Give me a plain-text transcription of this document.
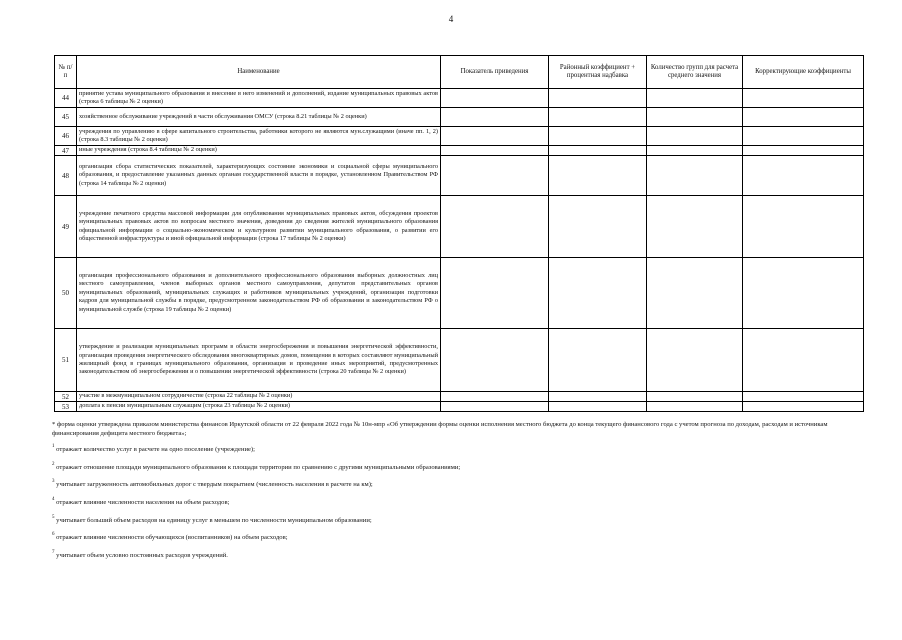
4
№ п/п	Наименование	Показатель приведения	Районный коэффициент + процентная надбавка	Количество групп для расчета среднего значения	Корректирующие коэффициенты
44	принятие устава муниципального образования и внесение в него изменений и дополнений, издание муниципальных правовых актов (строка 6 таблицы № 2 оценки)				
45	хозяйственное обслуживание учреждений в части обслуживания ОМСУ (строка 8.21 таблицы № 2 оценки)				
46	учреждения по управлению в сфере капитального строительства, работники которого не являются мун.служащими (иначе пп. 1, 2) (строка 8.3 таблицы № 2 оценки)				
47	иные учреждения (строка 8.4 таблицы № 2 оценки)				
48	организация сбора статистических показателей, характеризующих состояние экономики и социальной сферы муниципального образования, и предоставление указанных данных органам государственной власти в порядке, установленном Правительством РФ (строка 14 таблицы № 2 оценки)				
49	учреждение печатного средства массовой информации для опубликования муниципальных правовых актов, обсуждения проектов муниципальных правовых актов по вопросам местного значения, доведения до сведения жителей муниципального образования официальной информации о социально-экономическом и культурном развитии муниципального образования, о развитии его общественной инфраструктуры и иной официальной информации (строка 17 таблицы № 2 оценки)				
50	организация профессионального образования и дополнительного профессионального образования выборных должностных лиц местного самоуправления, членов выборных органов местного самоуправления, депутатов представительных органов муниципальных образований, муниципальных служащих и работников муниципальных учреждений, организация подготовки кадров для муниципальной службы в порядке, предусмотренном законодательством РФ об образовании и законодательством РФ о муниципальной службе (строка 19 таблицы № 2 оценки)				
51	утверждение и реализация муниципальных программ в области энергосбережения и повышения энергетической эффективности, организация проведения энергетического обследования многоквартирных домов, помещения в которых составляют муниципальный жилищный фонд в границах муниципального образования, организация и проведение иных мероприятий, предусмотренных законодательством об энергосбережении и о повышении энергетической эффективности (строка 20 таблицы № 2 оценки)				
52	участие в межмуниципальном сотрудничестве (строка 22 таблицы № 2 оценки)				
53	доплата к пенсии муниципальным служащим (строка 23 таблицы № 2 оценки)				

* форма оценки утверждена приказом министерства финансов Иркутской области от 22 февраля 2022 года № 10н-мпр «Об утверждении формы оценки исполнения местного бюджета до конца текущего финансового года с учетом прогноза по доходам, расходам и источникам финансирования дефицита местного бюджета»;

$^1$ отражает количество услуг в расчете на одно поселение (учреждение);

$^2$ отражает отношение площади муниципального образования к площади территории по сравнению с другими муниципальными образованиями;

$^3$ учитывает загруженность автомобильных дорог с твердым покрытием (численность населения в расчете на км);

$^4$ отражает влияние численности населения на объем расходов;

$^5$ учитывает больший объем расходов на единицу услуг в меньшем по численности муниципальном образовании;

$^6$ отражает влияние численности обучающихся (воспитанников) на объем расходов;

$^7$ учитывает объем условно постоянных расходов учреждений.
